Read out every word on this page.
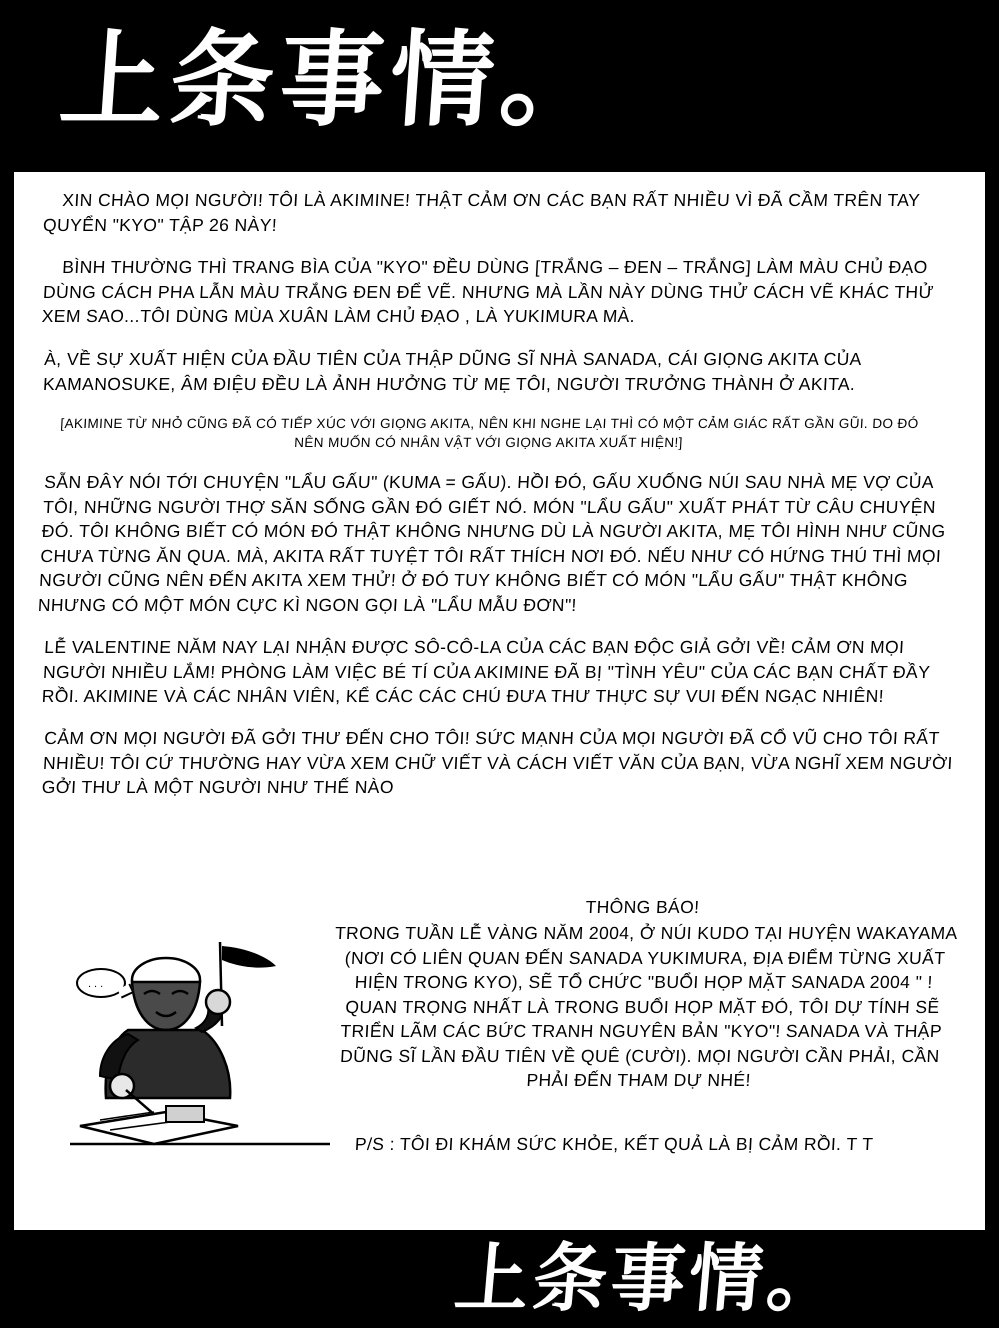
上条事情。

XIN CHÀO MỌI NGƯỜI! TÔI LÀ AKIMINE! THẬT CẢM ƠN CÁC BẠN RẤT NHIỀU VÌ ĐÃ CẦM TRÊN TAY QUYỂN "KYO" TẬP 26 NÀY!

BÌNH THƯỜNG THÌ TRANG BÌA CỦA "KYO" ĐỀU DÙNG [TRẮNG – ĐEN – TRẮNG] LÀM MÀU CHỦ ĐẠO DÙNG CÁCH PHA LẪN MÀU TRẮNG ĐEN ĐỂ VẼ. NHƯNG MÀ LẦN NÀY DÙNG THỬ CÁCH VẼ KHÁC THỬ XEM SAO...TÔI DÙNG MÙA XUÂN LÀM CHỦ ĐẠO , LÀ YUKIMURA MÀ.

À, VỀ SỰ XUẤT HIỆN CỦA ĐẦU TIÊN CỦA THẬP DŨNG SĨ NHÀ SANADA, CÁI GIỌNG AKITA CỦA KAMANOSUKE, ÂM ĐIỆU ĐỀU LÀ ẢNH HƯỞNG TỪ MẸ TÔI, NGƯỜI TRƯỞNG THÀNH Ở AKITA.

[AKIMINE TỪ NHỎ CŨNG ĐÃ CÓ TIẾP XÚC VỚI GIỌNG AKITA, NÊN KHI NGHE LẠI THÌ CÓ MỘT CẢM GIÁC RẤT GẦN GŨI. DO ĐÓ NÊN MUỐN CÓ NHÂN VẬT VỚI GIỌNG AKITA XUẤT HIỆN!]

SẴN ĐÂY NÓI TỚI CHUYỆN "LẨU GẤU" (KUMA = GẤU). HỒI ĐÓ, GẤU XUỐNG NÚI SAU NHÀ MẸ VỢ CỦA TÔI, NHỮNG NGƯỜI THỢ SĂN SỐNG GẦN ĐÓ GIẾT NÓ. MÓN "LẨU GẤU" XUẤT PHÁT TỪ CÂU CHUYỆN ĐÓ. TÔI KHÔNG BIẾT CÓ MÓN ĐÓ THẬT KHÔNG NHƯNG DÙ LÀ NGƯỜI AKITA, MẸ TÔI HÌNH NHƯ CŨNG CHƯA TỪNG ĂN QUA. MÀ, AKITA RẤT TUYỆT TÔI RẤT THÍCH NƠI ĐÓ. NẾU NHƯ CÓ HỨNG THÚ THÌ MỌI NGƯỜI CŨNG NÊN ĐẾN AKITA XEM THỬ! Ở ĐÓ TUY KHÔNG BIẾT CÓ MÓN "LẨU GẤU" THẬT KHÔNG NHƯNG CÓ MỘT MÓN CỰC KÌ NGON GỌI LÀ "LẨU MẪU ĐƠN"!

LỄ VALENTINE NĂM NAY LẠI NHẬN ĐƯỢC SÔ-CÔ-LA CỦA CÁC BẠN ĐỘC GIẢ GỞI VỀ! CẢM ƠN MỌI NGƯỜI NHIỀU LẮM! PHÒNG LÀM VIỆC BÉ TÍ CỦA AKIMINE ĐÃ BỊ "TÌNH YÊU" CỦA CÁC BẠN CHẤT ĐẦY RỒI. AKIMINE VÀ CÁC NHÂN VIÊN, KỂ CÁC CÁC CHÚ ĐƯA THƯ THỰC SỰ VUI ĐẾN NGẠC NHIÊN!

CẢM ƠN MỌI NGƯỜI ĐÃ GỞI THƯ ĐẾN CHO TÔI! SỨC MẠNH CỦA MỌI NGƯỜI ĐÃ CỔ VŨ CHO TÔI RẤT NHIỀU! TÔI CỨ THƯỜNG HAY VỪA XEM CHỮ VIẾT VÀ CÁCH VIẾT VĂN CỦA BẠN, VỪA NGHĨ XEM NGƯỜI GỞI THƯ LÀ MỘT NGƯỜI NHƯ THẾ NÀO

...
THÔNG BÁO!
TRONG TUẦN LỄ VÀNG NĂM 2004, Ở NÚI KUDO TẠI HUYỆN WAKAYAMA (NƠI CÓ LIÊN QUAN ĐẾN SANADA YUKIMURA, ĐỊA ĐIỂM TỪNG XUẤT HIỆN TRONG KYO), SẼ TỔ CHỨC "BUỔI HỌP MẶT SANADA 2004 " ! QUAN TRỌNG NHẤT LÀ TRONG BUỔI HỌP MẶT ĐÓ, TÔI DỰ TÍNH SẼ TRIỂN LÃM CÁC BỨC TRANH NGUYÊN BẢN "KYO"! SANADA VÀ THẬP DŨNG SĨ LẦN ĐẦU TIÊN VỀ QUÊ (CƯỜI). MỌI NGƯỜI CẦN PHẢI, CẦN PHẢI ĐẾN THAM DỰ NHÉ!
P/S : TÔI ĐI KHÁM SỨC KHỎE, KẾT QUẢ LÀ BỊ CẢM RỒI. T T
上条事情。
